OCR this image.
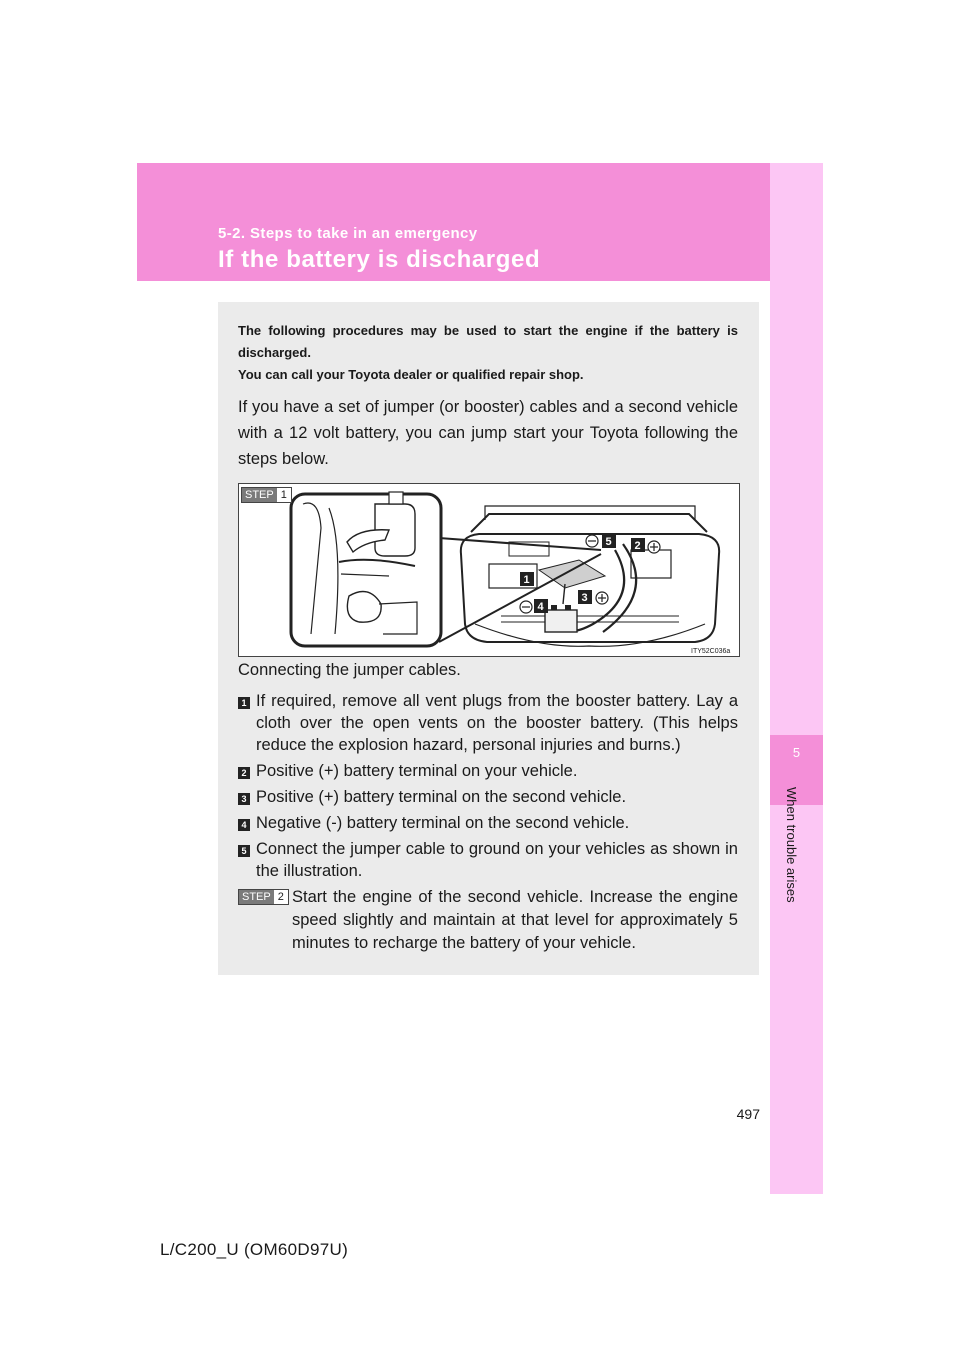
5-2. Steps to take in an emergency
If the battery is discharged
5
When trouble arises

The following procedures may be used to start the engine if the battery is discharged.

You can call your Toyota dealer or qualified repair shop.

If you have a set of jumper (or booster) cables and a second vehicle with a 12 volt battery, you can jump start your Toyota following the steps below.

1
2
3
4
5
ITY52C036a
STEP 1

Connecting the jumper cables.

1 If required, remove all vent plugs from the booster battery. Lay a cloth over the open vents on the booster battery. (This helps reduce the explosion hazard, personal injuries and burns.)
2 Positive (+) battery terminal on your vehicle.
3 Positive (+) battery terminal on the second vehicle.
4 Negative (-) battery terminal on the second vehicle.
5 Connect the jumper cable to ground on your vehicles as shown in the illustration.
STEP 2 Start the engine of the second vehicle. Increase the engine speed slightly and maintain at that level for approximately 5 minutes to recharge the battery of your vehicle.

497
L/C200_U (OM60D97U)
